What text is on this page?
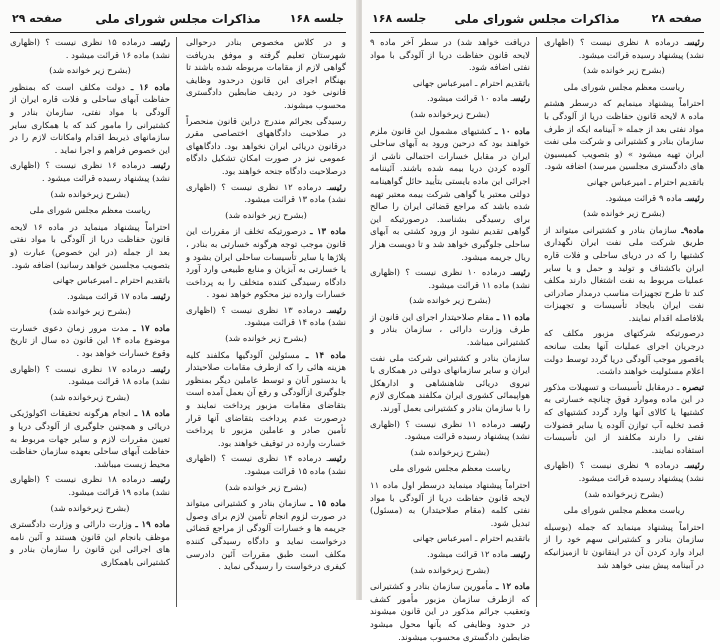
جلسه ۱۶۸
مذاکرات مجلس شورای ملی
صفحه ۲۹

و در کلاس مخصوص بنادر درحوالی شهرستان تعلیم گرفته و موفق بدریافت گواهی لازم از مقامات مربوطه شده باشند تا بهنگام اجرای این قانون درحدود وظایف قانونی خود در ردیف ضابطین دادگستری محسوب میشوند.

رسیدگی بجرائم مندرج دراین قانون منحصراً در صلاحیت دادگاههای اختصاصی مقرر درقانون دریائی ایران نخواهد بود. دادگاههای عمومی نیز در صورت امکان تشکیل دادگاه درصلاحیت دادگاه جنحه خواهند بود.

رئیسـ درماده ۱۲ نظری نیست ؟ (اظهاری نشد) ماده ۱۳ قرائت میشود.

(بشرح زیر خوانده شد)

ماده ۱۳ ـ درصورتیکه تخلف از مقررات این قانون موجب توجه هرگونه خسارتی به بنادر ، پلاژها یا سایر تأسیسات ساحلی ایران بشود و یا خسارتی به آبزیان و منابع طبیعی وارد آورد دادگاه رسیدگی کننده متخلف را به پرداخت خسارات وارده نیز محکوم خواهد نمود .

رئیسـ درماده ۱۳ نظری نیست ؟ (اظهاری نشد) ماده ۱۴ قرائت میشود.

(بشرح زیر خوانده شد)

ماده ۱۴ ـ مسئولین آلودگیها مکلفند کلیه هزینه هائی را که ازطرف مقامات صلاحیتدار یا بدستور آنان و توسط عاملین دیگر بمنظور جلوگیری ازآلودگی و رفع آن بعمل آمده است بتقاضای مقامات مزبور پرداخت نمایند و درصورت عدم پرداخت بتقاضای آنها قرار تأمین صادر و عاملین مزبور تا پرداخت خسارت وارده در توقیف خواهند بود.

رئیسـ درماده ۱۴ نظری نیست ؟ (اظهاری نشد) ماده ۱۵ قرائت میشود.

(بشرح زیر خوانده شد)

ماده ۱۵ ـ سازمان بنادر و کشتیرانی میتواند در صورت لزوم انجام تأمین لازم برای وصول جریمه ها و خسارات آلودگی از مراجع قضائی درخواست نماید و دادگاه رسیدگی کننده مکلف است طبق مقررات آئین دادرسی کیفری درخواست را رسیدگی نماید .

رئیسـ درماده ۱۵ نظری نیست ؟ (اظهاری نشد) ماده ۱۶ قرائت میشود .

(بشرح زیر خوانده شد)

ماده ۱۶ ـ دولت مکلف است که بمنظور حفاظت آبهای ساحلی و فلات قاره ایران از آلودگی با مواد نفتی، سازمان بنادر و کشتیرانی را مامور کند که با همکاری سایر سازمانهای ذیربط اقدام وامکانات لازم را در این خصوص فراهم و اجرا نماید .

رئیسـ درماده ۱۶ نظری نیست ؟ (اظهاری نشد) پیشنهاد رسیده قرائت میشود .

(بشرح زیرخوانده شد)

ریاست معظم مجلس شورای ملی

احتراماً پیشنهاد مینماید در ماده ۱۶ لایحه قانون حفاظت دریا از آلودگی با مواد نفتی بعد از جمله (در این خصوص) عبارت (و بتصویب مجلسین خواهد رسانید) اضافه شود.

باتقدیم احترام ـ امیرعباس جهانی

رئیسـ ماده ۱۷ قرائت میشود.

(بشرح زیر خوانده شد)

ماده ۱۷ ـ مدت مرور زمان دعوی خسارت موضوع ماده ۱۴ این قانون ده سال از تاریخ وقوع خسارات خواهد بود .

رئیسـ درماده ۱۷ نظری نیست ؟ (اظهاری نشد) ماده ۱۸ قرائت میشود.

(بشرح زیرخوانده شد)

ماده ۱۸ ـ انجام هرگونه تحقیقات اکولوژیکی دریائی و همچنین جلوگیری از آلودگی دریا و تعیین مقررات لازم و سایر جهات مربوط به حفاظت آبهای ساحلی بعهده سازمان حفاظت محیط زیست میباشد.

رئیسـ درماده ۱۸ نظری نیست ؟ (اظهاری نشد) ماده ۱۹ قرائت میشود.

(بشرح زیرخوانده شد)

ماده ۱۹ ـ وزارت دارائی و وزارت دادگستری موظف بانجام این قانون هستند و آئین نامه های اجرائی این قانون را سازمان بنادر و کشتیرانی باهمکاری

صفحه ۲۸
مذاکرات مجلس شورای ملی
جلسه ۱۶۸

رئیسـ درماده ۸ نظری نیست ؟ (اظهاری نشد) پیشنهاد رسیده قرائت میشود.

(بشرح زیر خوانده شد)

ریاست معظم مجلس شورای ملی

احتراماً پیشنهاد مینمایم که درسطر هشتم ماده ۸ لایحه قانون حفاظت دریا از آلودگی با مواد نفتی بعد از جمله « آبینامه ایکه از طرف سازمان بنادر و کشتیرانی و شرکت ملی نفت ایران تهیه میشود » (و بتصویب کمیسیون های دادگستری مجلسین میرسد) اضافه شود.

باتقدیم احترام ـ امیرعباس جهانی

رئیسـ ماده ۹ قرائت میشود.

(بشرح زیر خوانده شد)

ماده۹ـ سازمان بنادر و کشتیرانی میتواند از طریق شرکت ملی نفت ایران نگهداری کشتیها را که در دریای ساحلی و فلات قاره ایران باکشتاف و تولید و حمل و یا سایر عملیات مربوط به نفت اشتغال دارند مکلف کند تا طرح تجهیزات مناسب درمدار صادراتی نفت ایران بایجاد تأسیسات و تجهیزات بلافاصله اقدام نمایند.

درصورتیکه شرکتهای مزبور مکلف که درجریان اجرای عملیات آنها بعلت سانحه یاقصور موجب آلودگی دریا گردد توسط دولت اعلام مسئولیت خواهند داشت.

تبصره ـ درمقابل تأسیسات و تسهیلات مذکور در این ماده وموارد فوق چنانچه خسارتی به کشتیها یا کالای آنها وارد گردد کشتیهای که قصد تخلیه آب توازن آلوده یا سایر فضولات نفتی را دارند مکلفند از این تأسیسات استفاده نمایند.

رئیسـ درماده ۹ نظری نیست ؟ (اظهاری نشد) پیشنهاد رسیده قرائت میشود.

(بشرح زیرخوانده شد)

ریاست معظم مجلس شورای ملی

احتراماً پیشنهاد مینماید که جمله (بوسیله سازمان بنادر و کشتیرانی سهم خود را از ایراد وارد کردن آن در اینقانون تا ازمیزانیکه در آبینامه پیش بینی خواهد شد

دریافت خواهد شد) در سطر آخر ماده ۹ لایحه قانون حفاظت دریا از آلودگی با مواد نفتی اضافه شود.

باتقدیم احترام ـ امیرعباس جهانی

رئیسـ ماده ۱۰ قرائت میشود.

(بشرح زیرخوانده شد)

ماده ۱۰ ـ کشتیهای مشمول این قانون ملزم خواهند بود که درحین ورود به آبهای ساحلی ایران در مقابل خسارات احتمالی ناشی از آلوده کردن دریا بیمه شده باشند. آئیننامه اجرائی این ماده بایستی بتأیید حائل گواهینامه دولتی معتبر یا گواهی شرکت بیمه معتبر تهیه شده باشد که مراجع قضائی ایران را صالح برای رسیدگی بشناسد. درصورتیکه این گواهی تقدیم نشود از ورود کشتی به آبهای ساحلی جلوگیری خواهد شد و تا دویست هزار ریال جریمه میشود.

رئیسـ درماده ۱۰ نظری نیست ؟ (اظهاری نشد) ماده ۱۱ قرائت میشود.

(بشرح زیر خوانده شد)

ماده ۱۱ ـ مقام صلاحیتدار اجرای این قانون از طرف وزارت دارائی ، سازمان بنادر و کشتیرانی میباشد.

سازمان بنادر و کشتیرانی شرکت ملی نفت ایران و سایر سازمانهای دولتی در همکاری با نیروی دریائی شاهنشاهی و ادارهکل هواپیمائی کشوری ایران مکلفند همکاری لازم را با سازمان بنادر و کشتیرانی بعمل آورند.

رئیسـ درماده ۱۱ نظری نیست ؟ (اظهاری نشد) پیشنهاد رسیده قرائت میشود.

(بشرح زیرخوانده شد)

ریاست معظم مجلس شورای ملی

احتراماً پیشنهاد مینماید درسطر اول ماده ۱۱ لایحه قانون حفاظت دریا از آلودگی با مواد نفتی کلمه (مقام صلاحیتدار) به (مسئول) تبدیل شود.

باتقدیم احترام ـ امیرعباس جهانی

رئیسـ ماده ۱۲ قرائت میشود.

(بشرح زیرخوانده شد)

ماده ۱۲ ـ مأمورین سازمان بنادر و کشتیرانی که ازطرف سازمان مزبور مأمور کشف وتعقیب جرائم مذکور در این قانون میشوند در حدود وظایفی که بآنها محول میشود ضابطین دادگستری محسوب میشوند.
